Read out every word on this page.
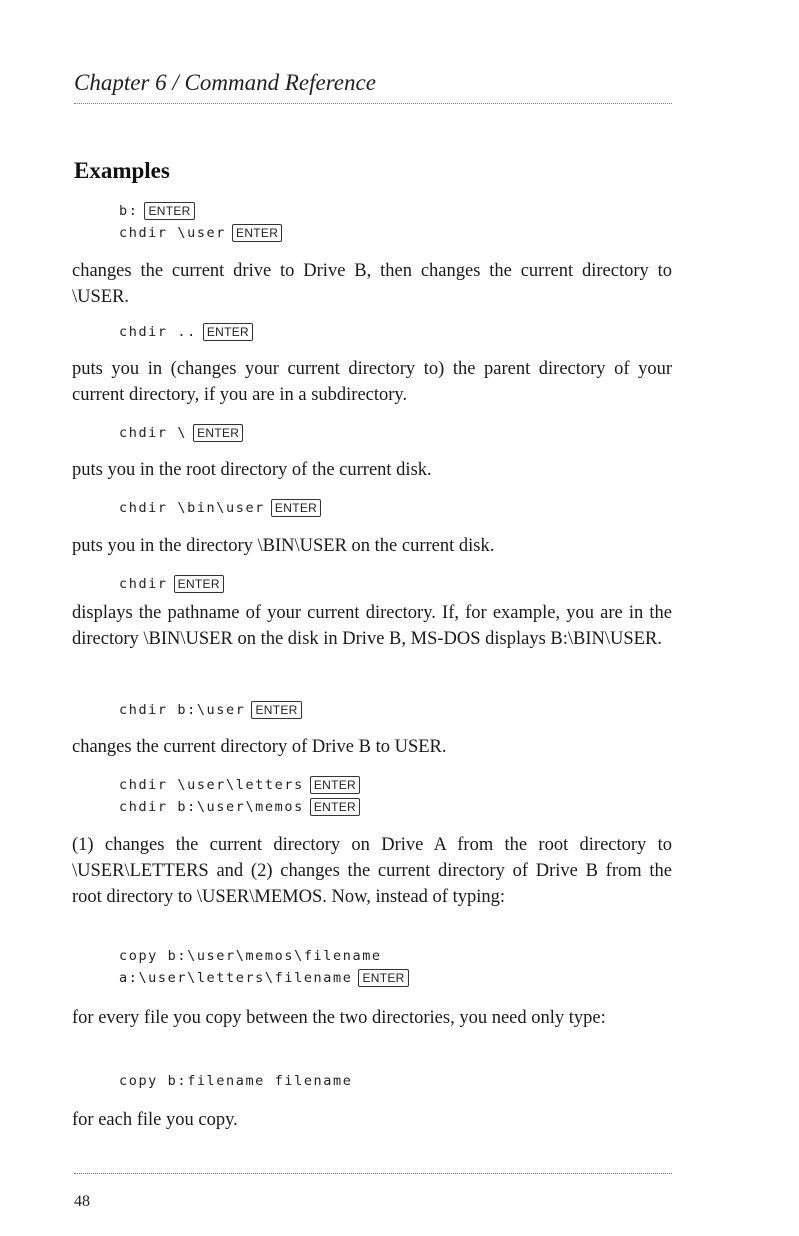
Chapter 6 / Command Reference
Examples
b: ENTER
chdir \user ENTER
changes the current drive to Drive B, then changes the current directory to \USER.
chdir .. ENTER
puts you in (changes your current directory to) the parent directory of your current directory, if you are in a subdirectory.
chdir \ ENTER
puts you in the root directory of the current disk.
chdir \bin\user ENTER
puts you in the directory \BIN\USER on the current disk.
chdir ENTER
displays the pathname of your current directory. If, for example, you are in the directory \BIN\USER on the disk in Drive B, MS-DOS displays B:\BIN\USER.
chdir b:\user ENTER
changes the current directory of Drive B to USER.
chdir \user\letters ENTER
chdir b:\user\memos ENTER
(1) changes the current directory on Drive A from the root directory to \USER\LETTERS and (2) changes the current directory of Drive B from the root directory to \USER\MEMOS. Now, instead of typing:
copy b:\user\memos\filename
a:\user\letters\filename ENTER
for every file you copy between the two directories, you need only type:
copy b:filename filename
for each file you copy.
48
